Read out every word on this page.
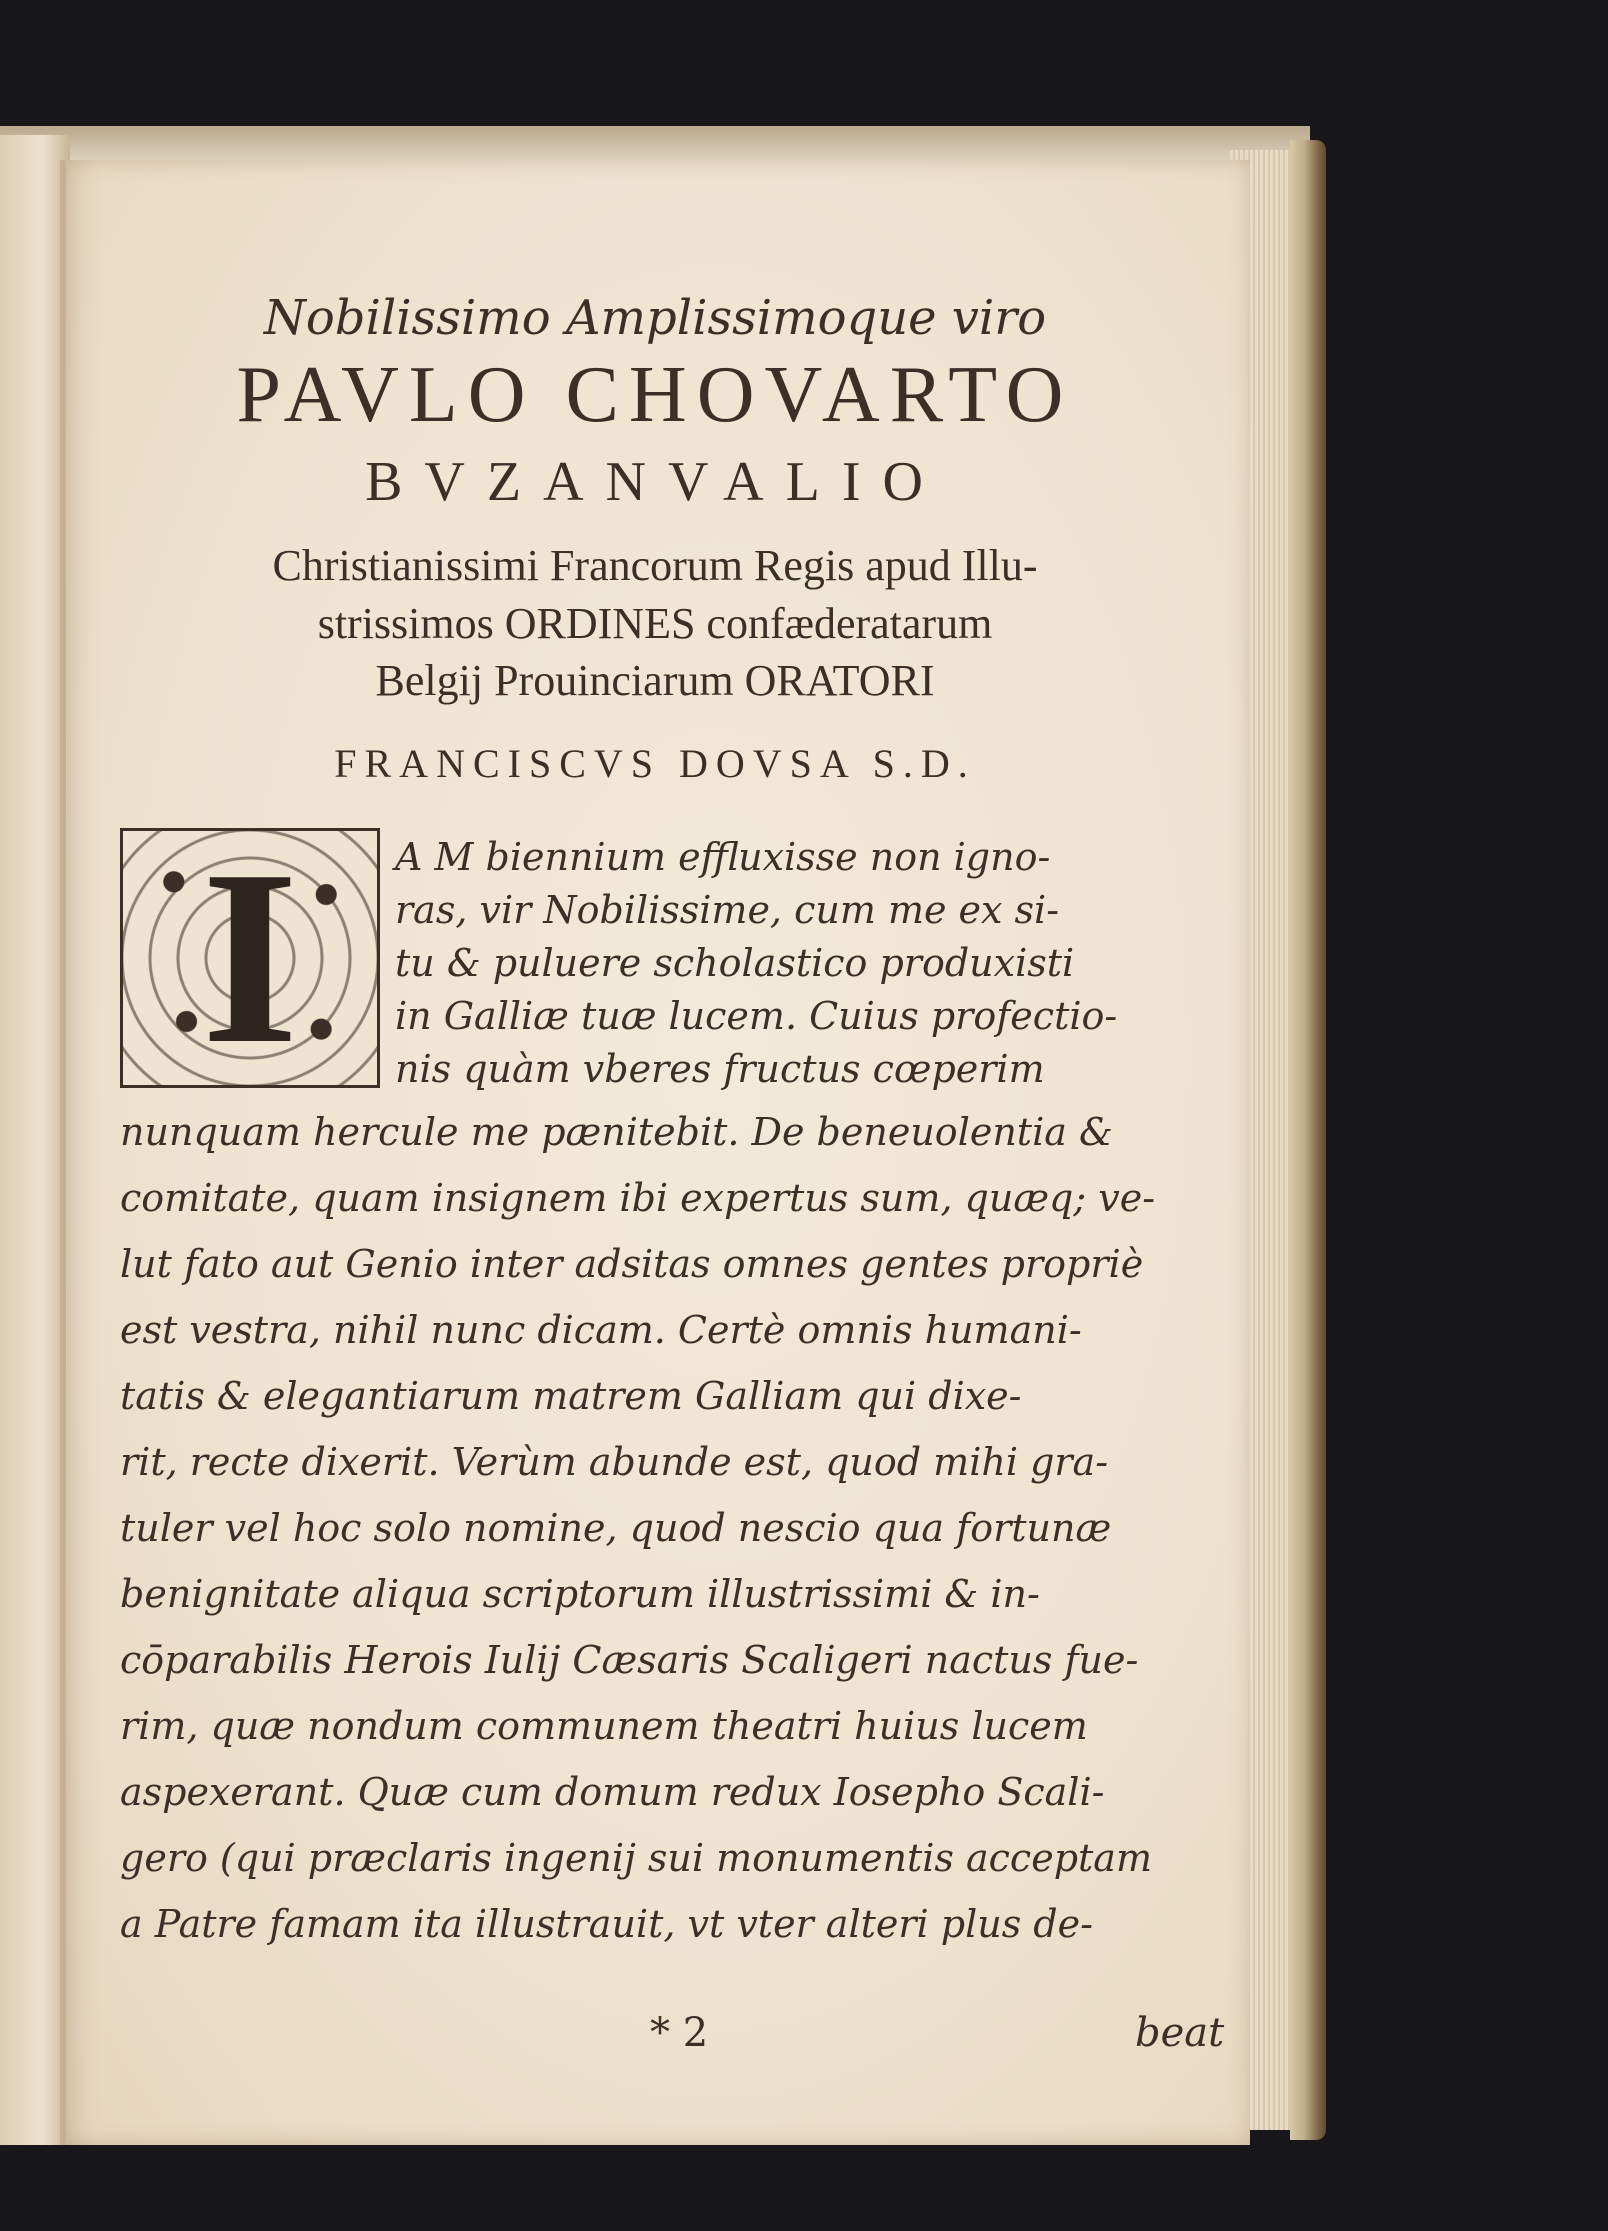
Nobilissimo Amplissimoque viro
PAVLO CHOVARTO
BVZANVALIO
Christianissimi Francorum Regis apud Illu-
strissimos ORDINES confæderatarum
Belgij Prouinciarum ORATORI
FRANCISCVS DOVSA S.D.
I	A M biennium effluxisse non igno-
ras, vir Nobilissime, cum me ex si-
tu & puluere scholastico produxisti
in Galliæ tuæ lucem. Cuius profectio-
nis quàm vberes fructus cœperim
nunquam hercule me pænitebit. De beneuolentia &
comitate, quam insignem ibi expertus sum, quæq; ve-
lut fato aut Genio inter adsitas omnes gentes propriè
est vestra, nihil nunc dicam. Certè omnis humani-
tatis & elegantiarum matrem Galliam qui dixe-
rit, recte dixerit. Verùm abunde est, quod mihi gra-
tuler vel hoc solo nomine, quod nescio qua fortunæ
benignitate aliqua scriptorum illustrissimi & in-
cōparabilis Herois Iulij Cæsaris Scaligeri nactus fue-
rim, quæ nondum communem theatri huius lucem
aspexerant. Quæ cum domum redux Iosepho Scali-
gero (qui præclaris ingenij sui monumentis acceptam
a Patre famam ita illustrauit, vt vter alteri plus de-
* 2	beat
